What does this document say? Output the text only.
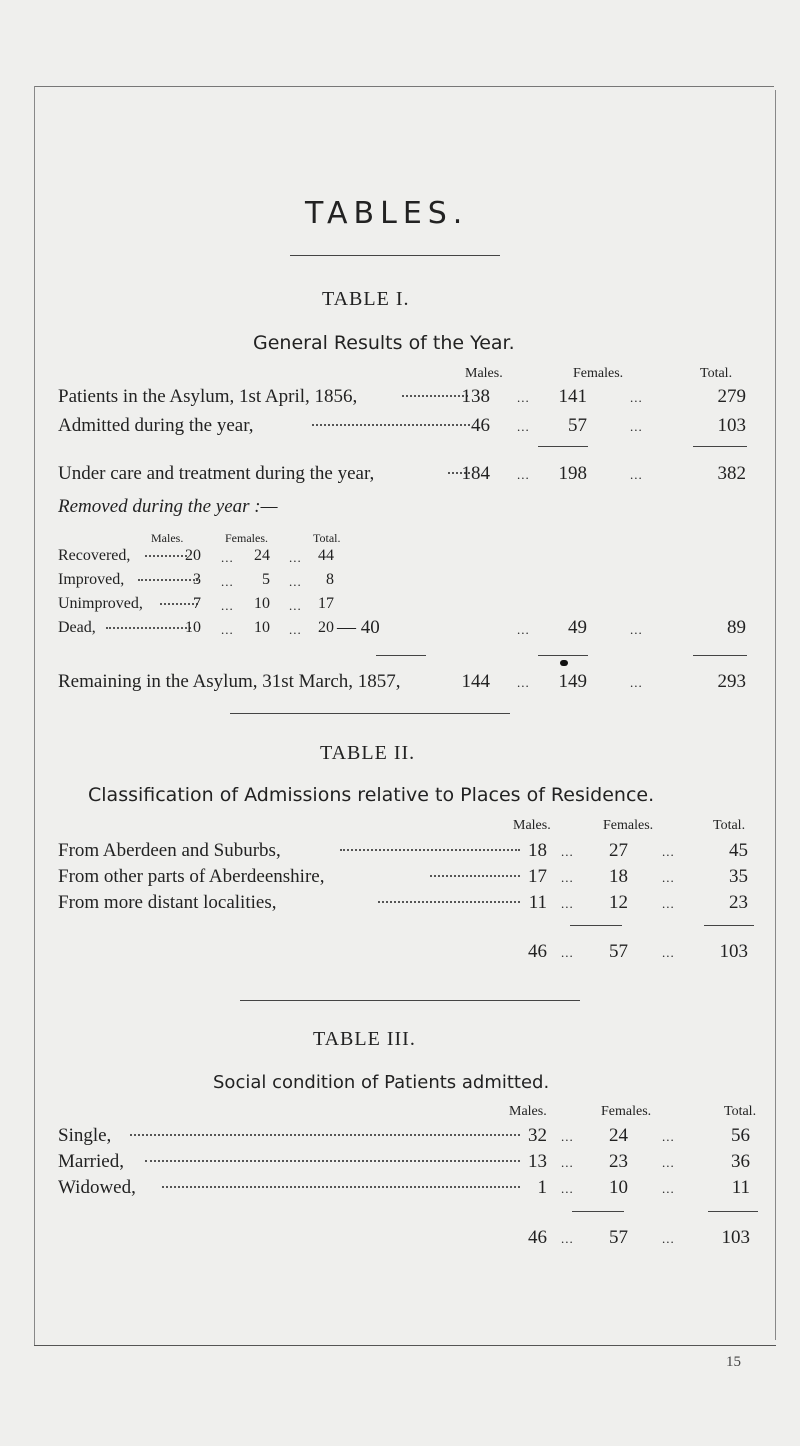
TABLES.
TABLE I.
General Results of the Year.
Males.	Females.	Total.
Patients in the Asylum, 1st April, 1856,	138 ... 141	...	279
Admitted during the year,	46 ... 57	...	103
Under care and treatment during the year,	184 ... 198	...	382
Removed during the year :—
Males.	Females.	Total.
Recovered,	20 ... 24 ... 44
Improved,	3 ... 5 ... 8
Unimproved,	7 ... 10 ... 17
Dead,	10 ... 10 ... 20 — 40	... 49	...	89
Remaining in the Asylum, 31st March, 1857,	144 ... 149	...	293
TABLE II.
Classification of Admissions relative to Places of Residence.
Males.	Females.	Total.
From Aberdeen and Suburbs,	18 ... 27	...	45
From other parts of Aberdeenshire,	17 ... 18	...	35
From more distant localities,	11 ... 12	...	23
46 ... 57	... 103
TABLE III.
Social condition of Patients admitted.
Males.	Females.	Total.
Single,	32 ... 24	...	56
Married,	13 ... 23	...	36
Widowed,	1 ... 10	...	11
46 ... 57	... 103
15
